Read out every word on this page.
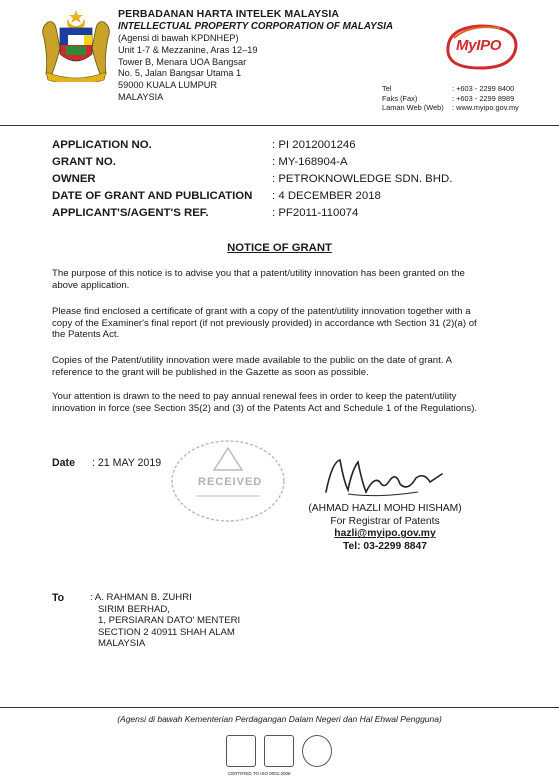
PERBADANAN HARTA INTELEK MALAYSIA
INTELLECTUAL PROPERTY CORPORATION OF MALAYSIA
(Agensi di bawah KPDNHEP)
Unit 1-7 & Mezzanine, Aras 12–19
Tower B, Menara UOA Bangsar
No. 5, Jalan Bangsar Utama 1
59000 KUALA LUMPUR
MALAYSIA
MyIPO
Tel	: +603 - 2299 8400
Faks (Fax)	: +603 - 2299 8989
Laman Web (Web) : www.myipo.gov.my
APPLICATION NO.	: PI 2012001246
GRANT NO.	: MY-168904-A
OWNER	: PETROKNOWLEDGE SDN. BHD.
DATE OF GRANT AND PUBLICATION : 4 DECEMBER 2018
APPLICANT'S/AGENT'S REF.	: PF2011-110074
NOTICE OF GRANT
The purpose of this notice is to advise you that a patent/utility innovation has been granted on the above application.
Please find enclosed a certificate of grant with a copy of the patent/utility innovation together with a copy of the Examiner's final report (if not previously provided) in accordance wth Section 31 (2)(a) of the Patents Act.
Copies of the Patent/utility innovation were made available to the public on the date of grant. A reference to the grant will be published in the Gazette as soon as possible.
Your attention is drawn to the need to pay annual renewal fees in order to keep the patent/utility innovation in force (see Section 35(2) and (3) of the Patents Act and Schedule 1 of the Regulations).
Date : 21 MAY 2019
RECEIVED
(AHMAD HAZLI MOHD HISHAM)
For Registrar of Patents
hazli@myipo.gov.my
Tel: 03-2299 8847
To	: A. RAHMAN B. ZUHRI
SIRIM BERHAD,
1, PERSIARAN DATO' MENTERI
SECTION 2 40911 SHAH ALAM
MALAYSIA
(Agensi di bawah Kementerian Perdagangan Dalam Negeri dan Hal Ehwal Pengguna)
CERTIFIED TO ISO 9001:2008
